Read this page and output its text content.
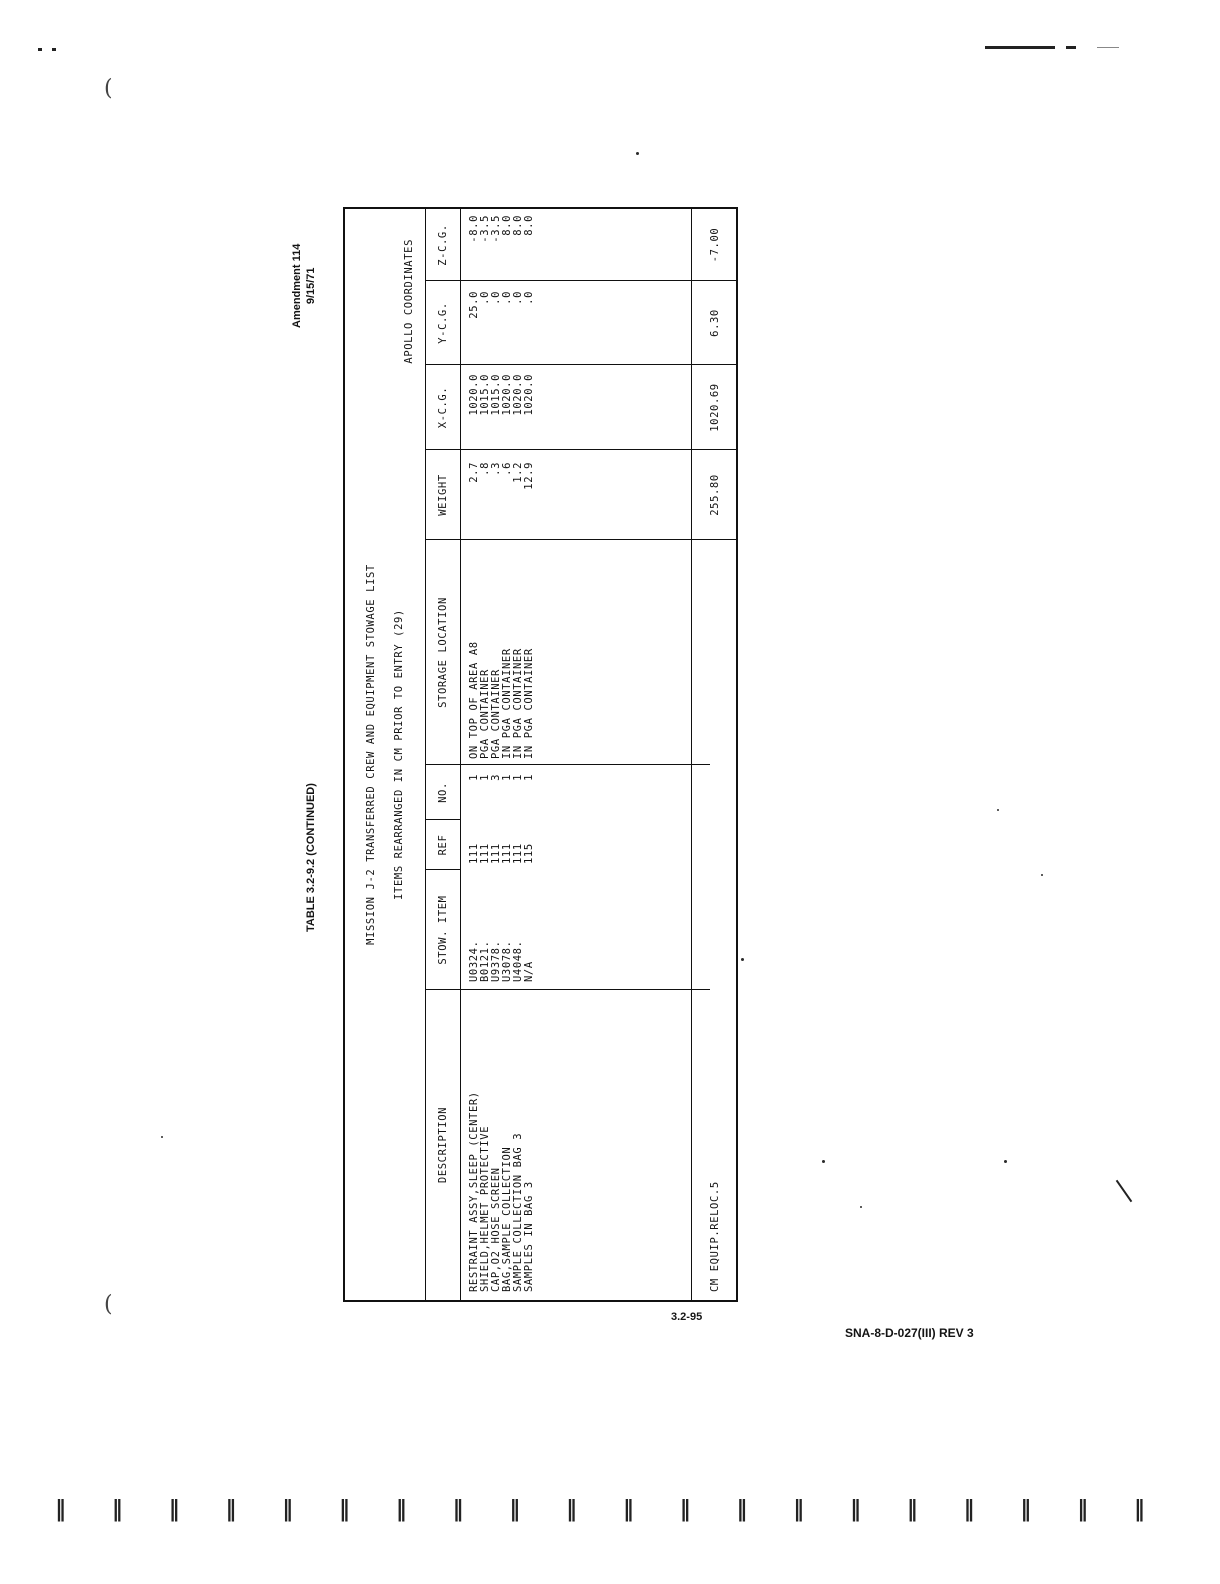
(
(
Amendment 114 9/15/71
TABLE 3.2-9.2 (CONTINUED)	MISSION J-2 TRANSFERRED CREW AND EQUIPMENT STOWAGE LIST ITEMS REARRANGED IN CM PRIOR TO ENTRY (29)
APOLLO COORDINATES
DESCRIPTION
STOW. ITEM
REF
NO.
STORAGE LOCATION
WEIGHT
X-C.G.
Y-C.G.
Z-C.G.
RESTRAINT ASSY,SLEEP (CENTER)
SHIELD,HELMET PROTECTIVE
CAP,O2 HOSE SCREEN
BAG,SAMPLE COLLECTION
SAMPLE COLLECTION BAG 3
SAMPLES IN BAG 3
U0324.
B0121.
U9378.
U3078.
U4048.
N/A
111
111
111
111
111
115
1
1
3
1
1
1
ON TOP OF AREA A8
PGA CONTAINER
PGA CONTAINER
IN PGA CONTAINER
IN PGA CONTAINER
IN PGA CONTAINER
2.7
.8
.3
.6
1.2
12.9
1020.0
1015.0
1015.0
1020.0
1020.0
1020.0
25.0
.0
.0
.0
.0
.0
-8.0
-3.5
-3.5
8.0
8.0
8.0
CM EQUIP.RELOC.5
255.80
1020.69
6.30
-7.00
3.2-95
SNA-8-D-027(III) REV 3
‖ ‖ ‖ ‖ ‖ ‖ ‖ ‖ ‖ ‖ ‖ ‖ ‖ ‖ ‖ ‖ ‖ ‖ ‖ ‖
